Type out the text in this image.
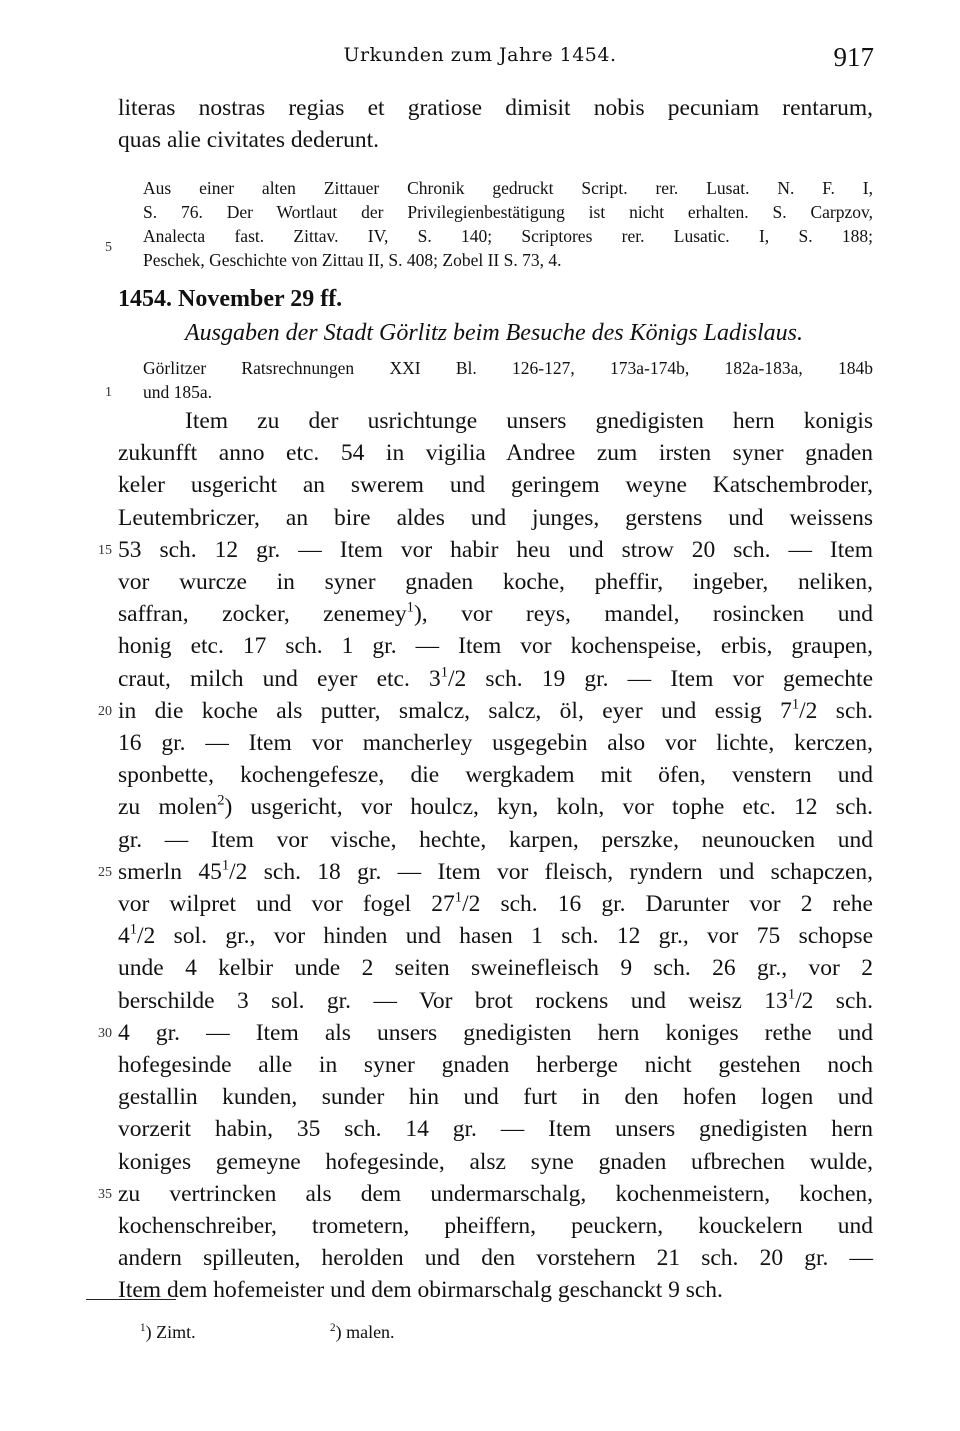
Urkunden zum Jahre 1454.	917
literas nostras regias et gratiose dimisit nobis pecuniam rentarum,
quas alie civitates dederunt.
Aus einer alten Zittauer Chronik gedruckt Script. rer. Lusat. N. F. I,
S. 76. Der Wortlaut der Privilegienbestätigung ist nicht erhalten. S. Carpzov,
Analecta fast. Zittav. IV, S. 140; Scriptores rer. Lusatic. I, S. 188;
Peschek, Geschichte von Zittau II, S. 408; Zobel II S. 73, 4.
1454. November 29 ff.
Ausgaben der Stadt Görlitz beim Besuche des Königs Ladislaus.
Görlitzer Ratsrechnungen XXI Bl. 126-127, 173a-174b, 182a-183a, 184b
und 185a.
Item zu der usrichtunge unsers gnedigisten hern konigis
zukunfft anno etc. 54 in vigilia Andree zum irsten syner gnaden
keler usgericht an swerem und geringem weyne Katschembroder,
Leutembriczer, an bire aldes und junges, gerstens und weissens
53 sch. 12 gr. — Item vor habir heu und strow 20 sch. — Item
vor wurcze in syner gnaden koche, pheffir, ingeber, neliken,
saffran, zocker, zenemey$^1$), vor reys, mandel, rosincken und
honig etc. 17 sch. 1 gr. — Item vor kochenspeise, erbis, graupen,
craut, milch und eyer etc. $3^1/2$ sch. 19 gr. — Item vor gemechte
in die koche als putter, smalcz, salcz, öl, eyer und essig $7^1/2$ sch.
16 gr. — Item vor mancherley usgegebin also vor lichte, kerczen,
sponbette, kochengefesze, die wergkadem mit öfen, venstern und
zu molen$^2$) usgericht, vor houlcz, kyn, koln, vor tophe etc. 12 sch.
gr. — Item vor vische, hechte, karpen, perszke, neunoucken und
smerln $45^1/2$ sch. 18 gr. — Item vor fleisch, ryndern und schapczen,
vor wilpret und vor fogel $27^1/2$ sch. 16 gr. Darunter vor 2 rehe
$4^1/2$ sol. gr., vor hinden und hasen 1 sch. 12 gr., vor 75 schopse
unde 4 kelbir unde 2 seiten sweinefleisch 9 sch. 26 gr., vor 2
berschilde 3 sol. gr. — Vor brot rockens und weisz $13^1/2$ sch.
4 gr. — Item als unsers gnedigisten hern koniges rethe und
hofegesinde alle in syner gnaden herberge nicht gestehen noch
gestallin kunden, sunder hin und furt in den hofen logen und
vorzerit habin, 35 sch. 14 gr. — Item unsers gnedigisten hern
koniges gemeyne hofegesinde, alsz syne gnaden ufbrechen wulde,
zu vertrincken als dem undermarschalg, kochenmeistern, kochen,
kochenschreiber, trometern, pheiffern, peuckern, kouckelern und
andern spilleuten, herolden und den vorstehern 21 sch. 20 gr. —
Item dem hofemeister und dem obirmarschalg geschanckt 9 sch.
5
1
15
20
25
30
35
$^1$) Zimt.	$^2$) malen.
